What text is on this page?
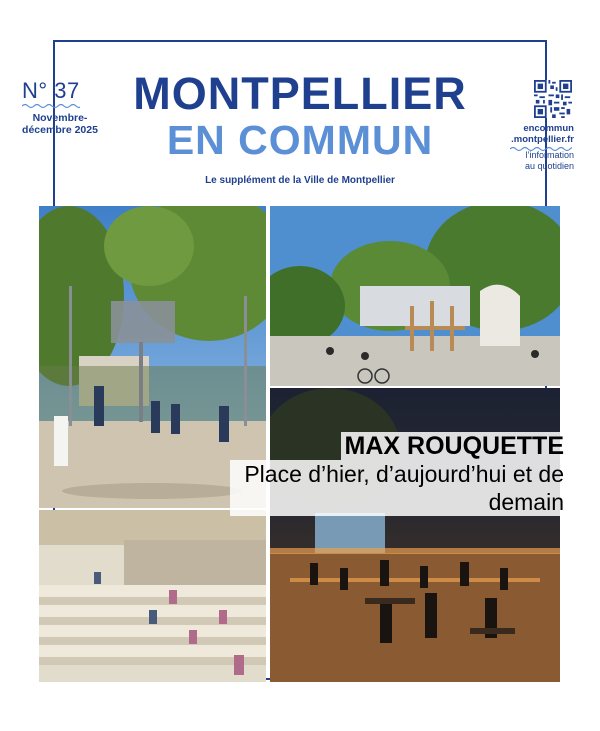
N° 37
Novembre-
décembre 2025
MONTPELLIER
EN COMMUN
Le supplément de la Ville de Montpellier
encommun
.montpellier.fr
l’information
au quotidien
MAX ROUQUETTE
Place d’hier, d’aujourd’hui et de demain
